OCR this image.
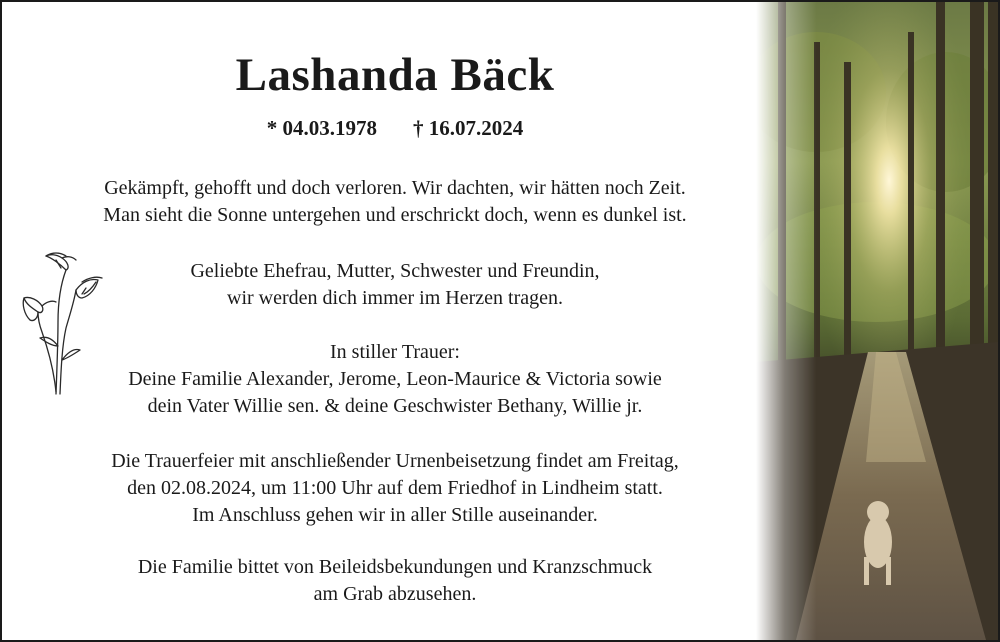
Lashanda Bäck
* 04.03.1978 † 16.07.2024
Gekämpft, gehofft und doch verloren. Wir dachten, wir hätten noch Zeit.
Man sieht die Sonne untergehen und erschrickt doch, wenn es dunkel ist.
Geliebte Ehefrau, Mutter, Schwester und Freundin,
wir werden dich immer im Herzen tragen.
In stiller Trauer:
Deine Familie Alexander, Jerome, Leon-Maurice & Victoria sowie
dein Vater Willie sen. & deine Geschwister Bethany, Willie jr.
Die Trauerfeier mit anschließender Urnenbeisetzung findet am Freitag,
den 02.08.2024, um 11:00 Uhr auf dem Friedhof in Lindheim statt.
Im Anschluss gehen wir in aller Stille auseinander.
Die Familie bittet von Beileidsbekundungen und Kranzschmuck
am Grab abzusehen.
